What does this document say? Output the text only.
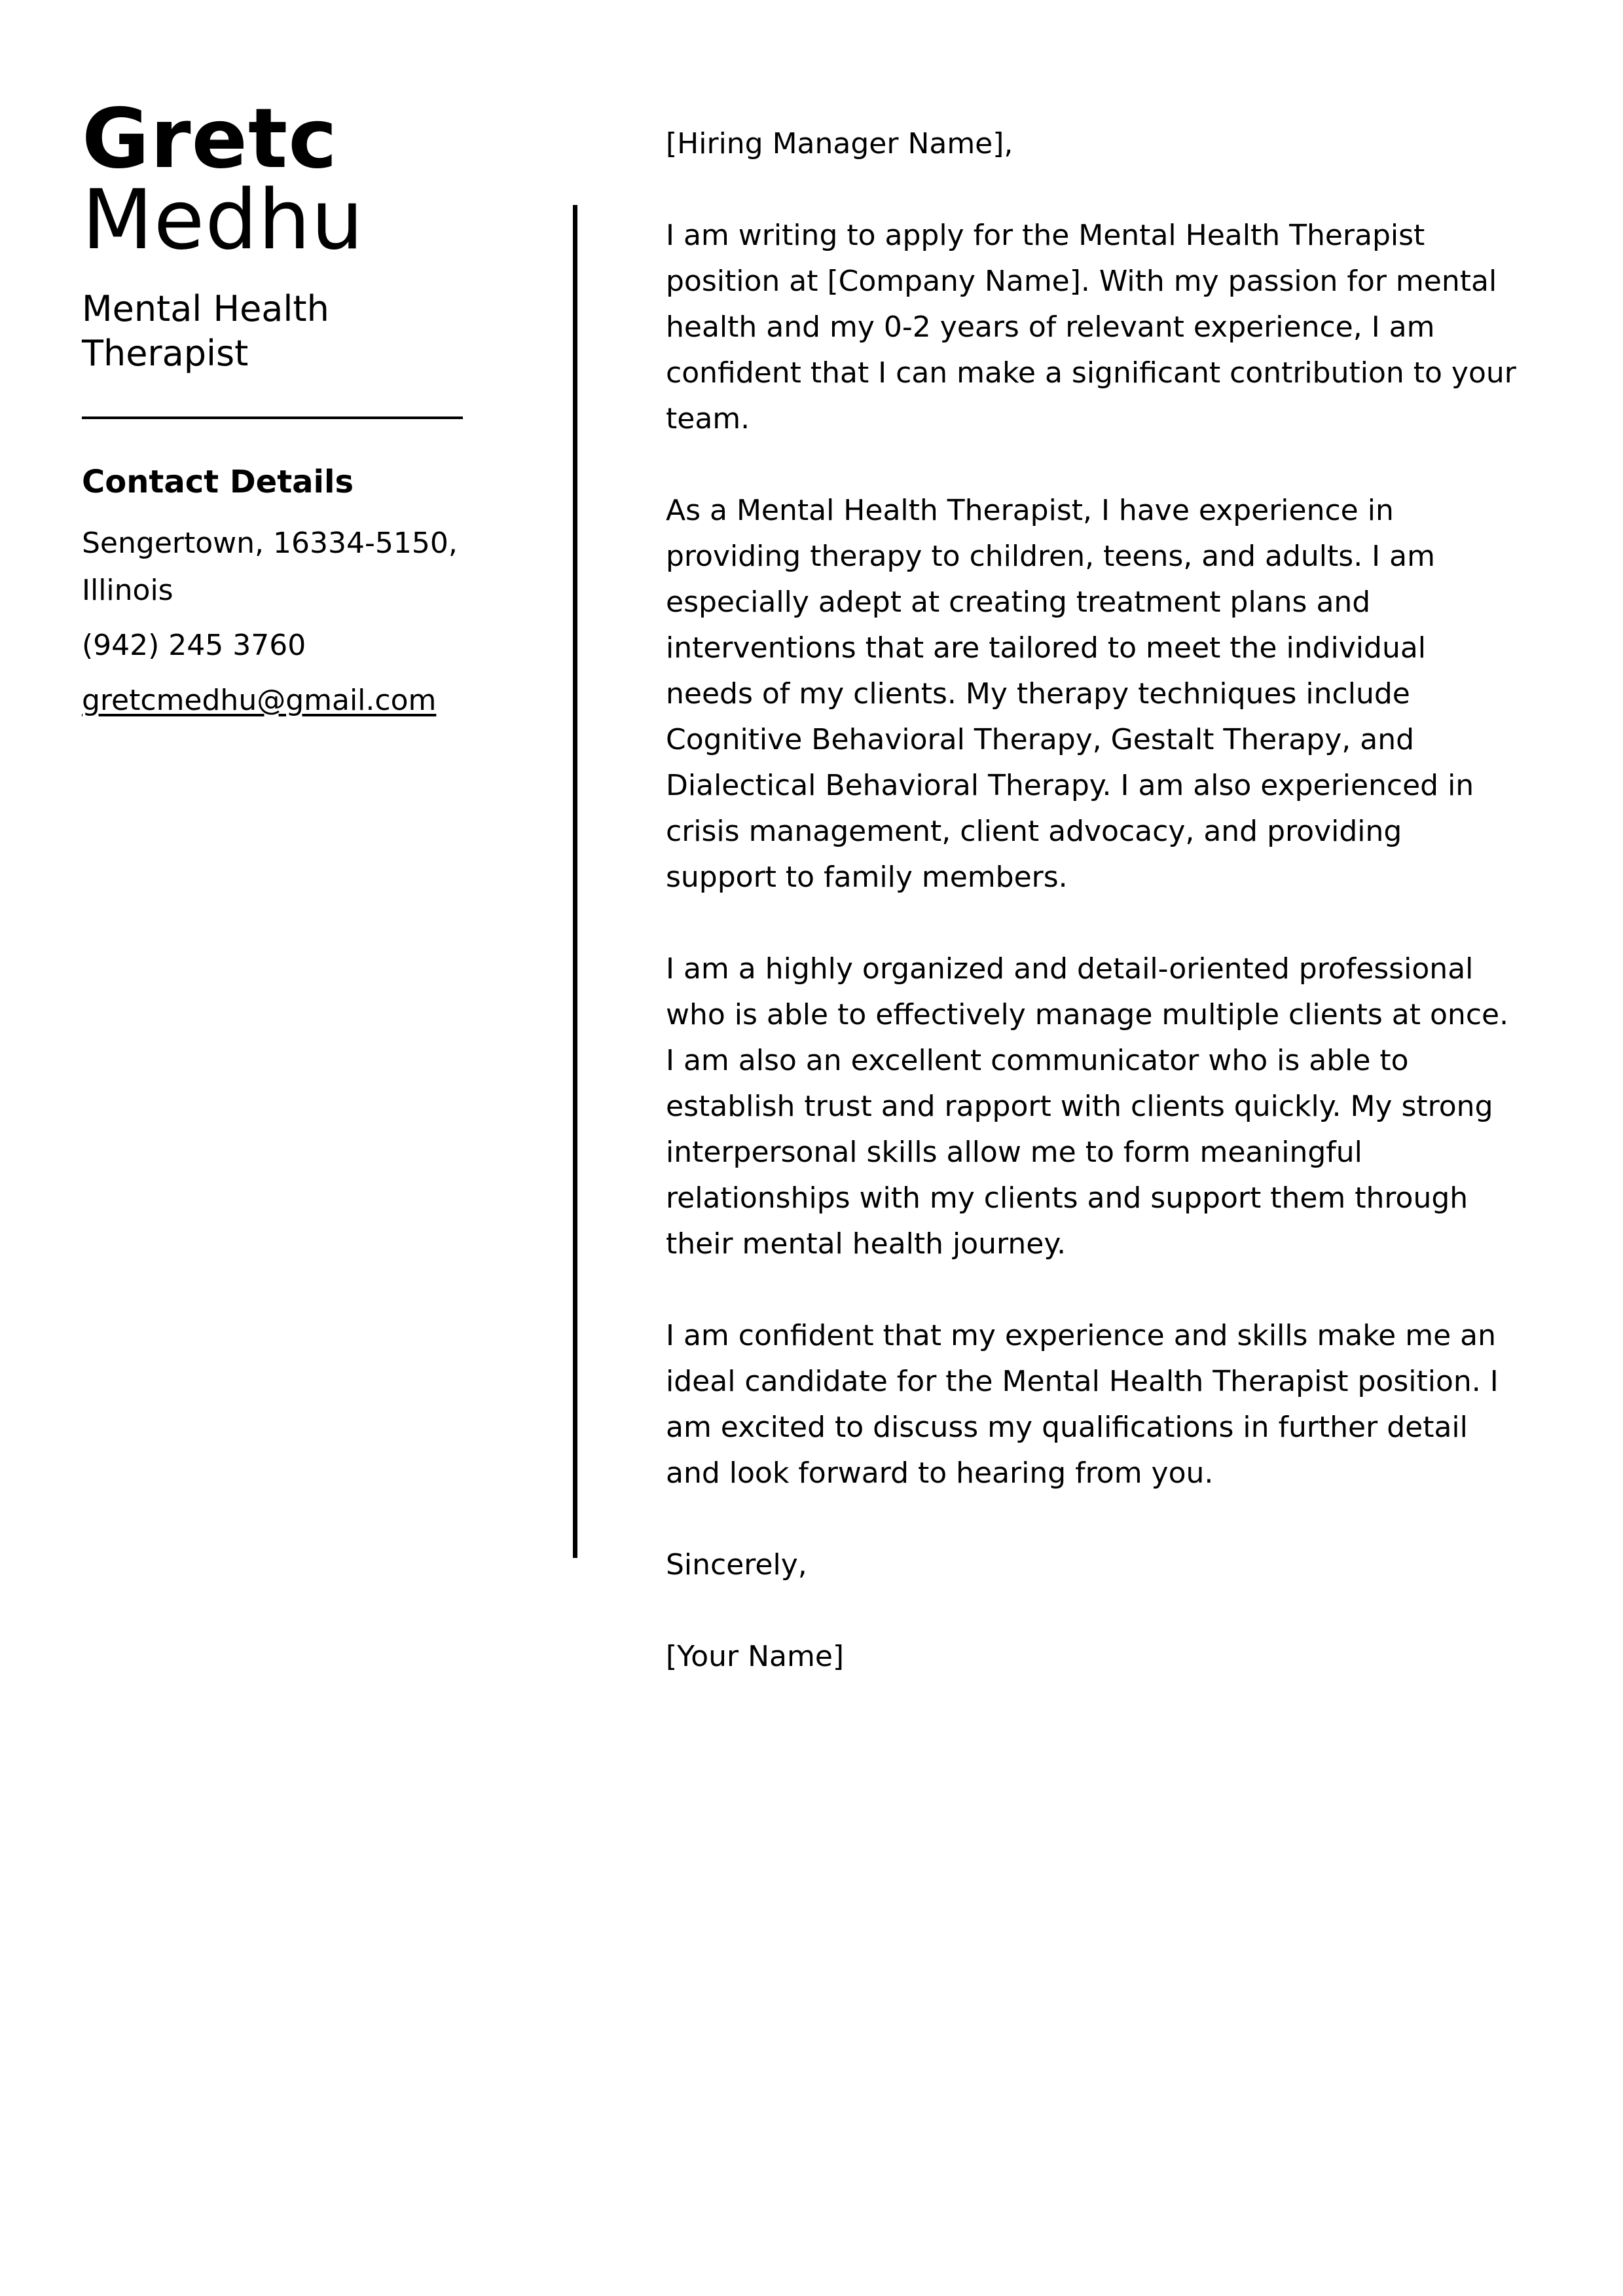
Gretc
Medhu
Mental Health Therapist
Contact Details
Sengertown, 16334-5150, Illinois
(942) 245 3760
gretcmedhu@gmail.com

[Hiring Manager Name],

I am writing to apply for the Mental Health Therapist position at [Company Name]. With my passion for mental health and my 0-2 years of relevant experience, I am confident that I can make a significant contribution to your team.

As a Mental Health Therapist, I have experience in providing therapy to children, teens, and adults. I am especially adept at creating treatment plans and interventions that are tailored to meet the individual needs of my clients. My therapy techniques include Cognitive Behavioral Therapy, Gestalt Therapy, and Dialectical Behavioral Therapy. I am also experienced in crisis management, client advocacy, and providing support to family members.

I am a highly organized and detail-oriented professional who is able to effectively manage multiple clients at once. I am also an excellent communicator who is able to establish trust and rapport with clients quickly. My strong interpersonal skills allow me to form meaningful relationships with my clients and support them through their mental health journey.

I am confident that my experience and skills make me an ideal candidate for the Mental Health Therapist position. I am excited to discuss my qualifications in further detail and look forward to hearing from you.

Sincerely,

[Your Name]
